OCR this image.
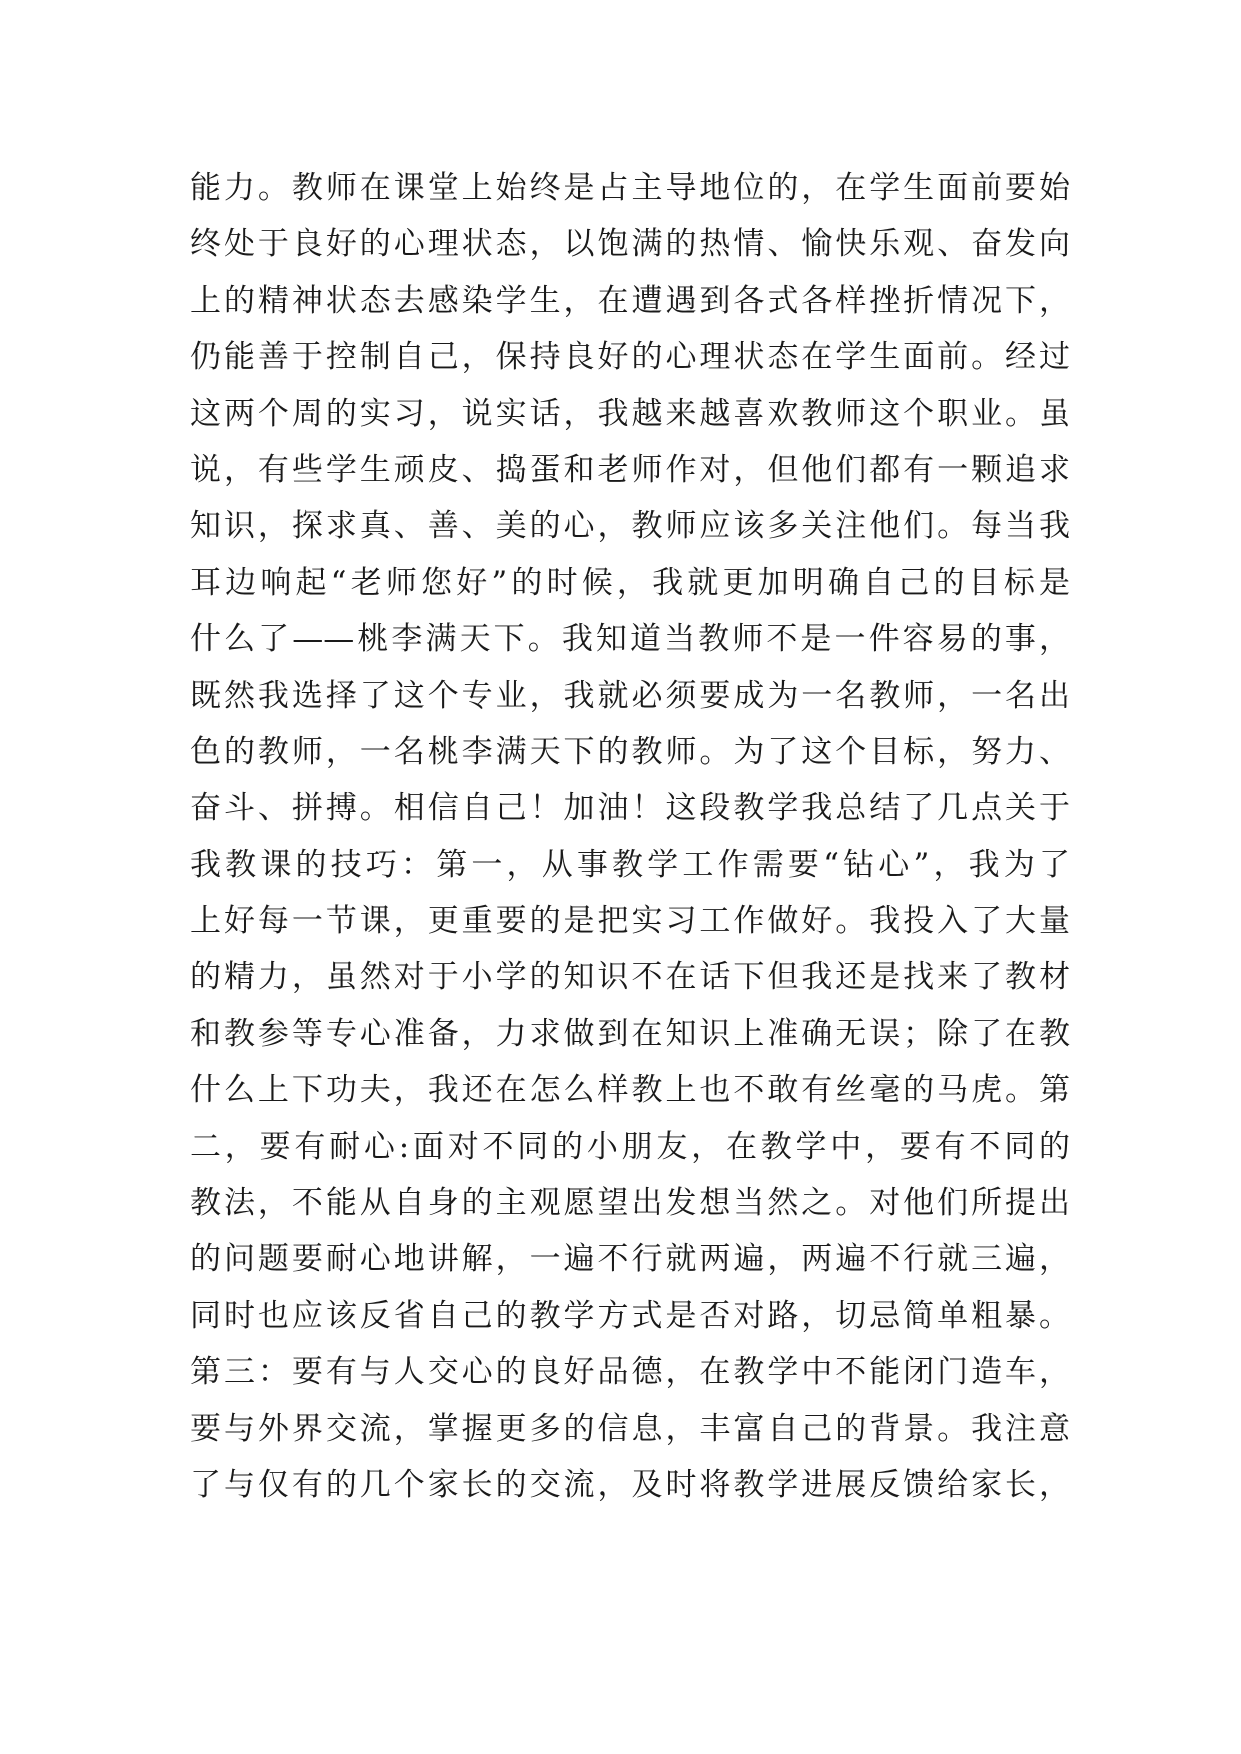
能力。教师在课堂上始终是占主导地位的，在学生面前要始
终处于良好的心理状态，以饱满的热情、愉快乐观、奋发向
上的精神状态去感染学生，在遭遇到各式各样挫折情况下，
仍能善于控制自己，保持良好的心理状态在学生面前。经过
这两个周的实习，说实话，我越来越喜欢教师这个职业。虽
说，有些学生顽皮、捣蛋和老师作对，但他们都有一颗追求
知识，探求真、善、美的心，教师应该多关注他们。每当我
耳边响起“老师您好”的时候，我就更加明确自己的目标是
什么了——桃李满天下。我知道当教师不是一件容易的事，
既然我选择了这个专业，我就必须要成为一名教师，一名出
色的教师，一名桃李满天下的教师。为了这个目标，努力、
奋斗、拼搏。相信自己！加油！这段教学我总结了几点关于
我教课的技巧：第一，从事教学工作需要“钻心”，我为了
上好每一节课，更重要的是把实习工作做好。我投入了大量
的精力，虽然对于小学的知识不在话下但我还是找来了教材
和教参等专心准备，力求做到在知识上准确无误；除了在教
什么上下功夫，我还在怎么样教上也不敢有丝毫的马虎。第
二，要有耐心:面对不同的小朋友，在教学中，要有不同的
教法，不能从自身的主观愿望出发想当然之。对他们所提出
的问题要耐心地讲解，一遍不行就两遍，两遍不行就三遍，
同时也应该反省自己的教学方式是否对路，切忌简单粗暴。
第三：要有与人交心的良好品德，在教学中不能闭门造车，
要与外界交流，掌握更多的信息，丰富自己的背景。我注意
了与仅有的几个家长的交流，及时将教学进展反馈给家长，
